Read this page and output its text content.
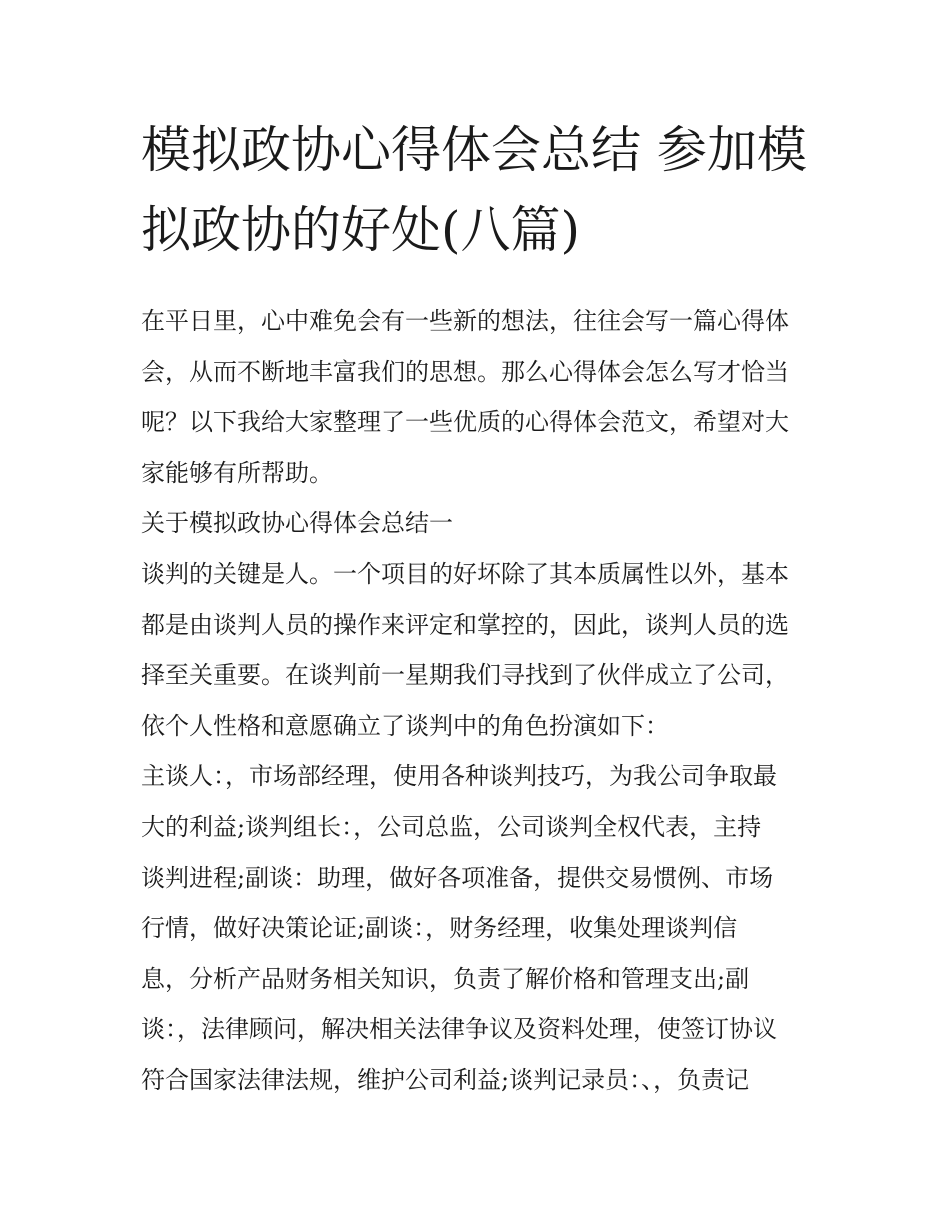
模拟政协心得体会总结 参加模
拟政协的好处(八篇)
在平日里，心中难免会有一些新的想法，往往会写一篇心得体
会，从而不断地丰富我们的思想。那么心得体会怎么写才恰当
呢？以下我给大家整理了一些优质的心得体会范文，希望对大
家能够有所帮助。
关于模拟政协心得体会总结一
谈判的关键是人。一个项目的好坏除了其本质属性以外，基本
都是由谈判人员的操作来评定和掌控的，因此，谈判人员的选
择至关重要。在谈判前一星期我们寻找到了伙伴成立了公司，
依个人性格和意愿确立了谈判中的角色扮演如下：
主谈人：，市场部经理，使用各种谈判技巧，为我公司争取最
大的利益;谈判组长：，公司总监，公司谈判全权代表，主持
谈判进程;副谈：助理，做好各项准备，提供交易惯例、市场
行情，做好决策论证;副谈：，财务经理，收集处理谈判信
息，分析产品财务相关知识，负责了解价格和管理支出;副
谈：，法律顾问，解决相关法律争议及资料处理，使签订协议
符合国家法律法规，维护公司利益;谈判记录员：、，负责记
